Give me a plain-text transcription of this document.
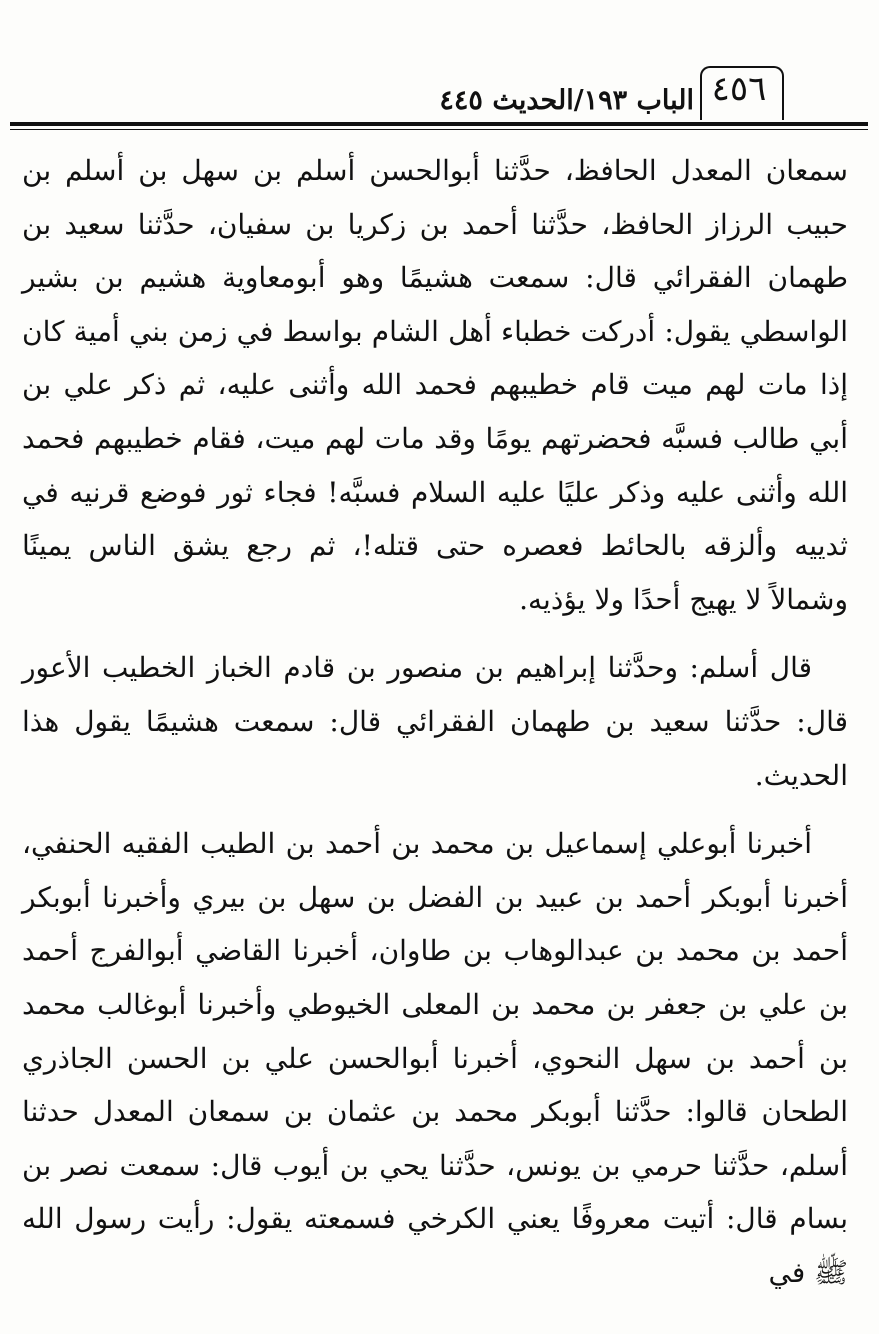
٤٥٦
الباب ١٩٣/الحديث ٤٤٥

سمعان المعدل الحافظ، حدَّثنا أبوالحسن أسلم بن سهل بن أسلم بن حبيب الرزاز الحافظ، حدَّثنا أحمد بن زكريا بن سفيان، حدَّثنا سعيد بن طهمان الفقرائي قال: سمعت هشيمًا وهو أبومعاوية هشيم بن بشير الواسطي يقول: أدركت خطباء أهل الشام بواسط في زمن بني أمية كان إذا مات لهم ميت قام خطيبهم فحمد الله وأثنى عليه، ثم ذكر علي بن أبي طالب فسبَّه فحضرتهم يومًا وقد مات لهم ميت، فقام خطيبهم فحمد الله وأثنى عليه وذكر عليًا عليه السلام فسبَّه! فجاء ثور فوضع قرنيه في ثدييه وألزقه بالحائط فعصره حتى قتله!، ثم رجع يشق الناس يمينًا وشمالاً لا يهيج أحدًا ولا يؤذيه.

قال أسلم: وحدَّثنا إبراهيم بن منصور بن قادم الخباز الخطيب الأعور قال: حدَّثنا سعيد بن طهمان الفقرائي قال: سمعت هشيمًا يقول هذا الحديث.

أخبرنا أبوعلي إسماعيل بن محمد بن أحمد بن الطيب الفقيه الحنفي، أخبرنا أبوبكر أحمد بن عبيد بن الفضل بن سهل بن بيري وأخبرنا أبوبكر أحمد بن محمد بن عبدالوهاب بن طاوان، أخبرنا القاضي أبوالفرج أحمد بن علي بن جعفر بن محمد بن المعلى الخيوطي وأخبرنا أبوغالب محمد بن أحمد بن سهل النحوي، أخبرنا أبوالحسن علي بن الحسن الجاذري الطحان قالوا: حدَّثنا أبوبكر محمد بن عثمان بن سمعان المعدل حدثنا أسلم، حدَّثنا حرمي بن يونس، حدَّثنا يحي بن أيوب قال: سمعت نصر بن بسام قال: أتيت معروفًا يعني الكرخي فسمعته يقول: رأيت رسول الله ﷺ في
